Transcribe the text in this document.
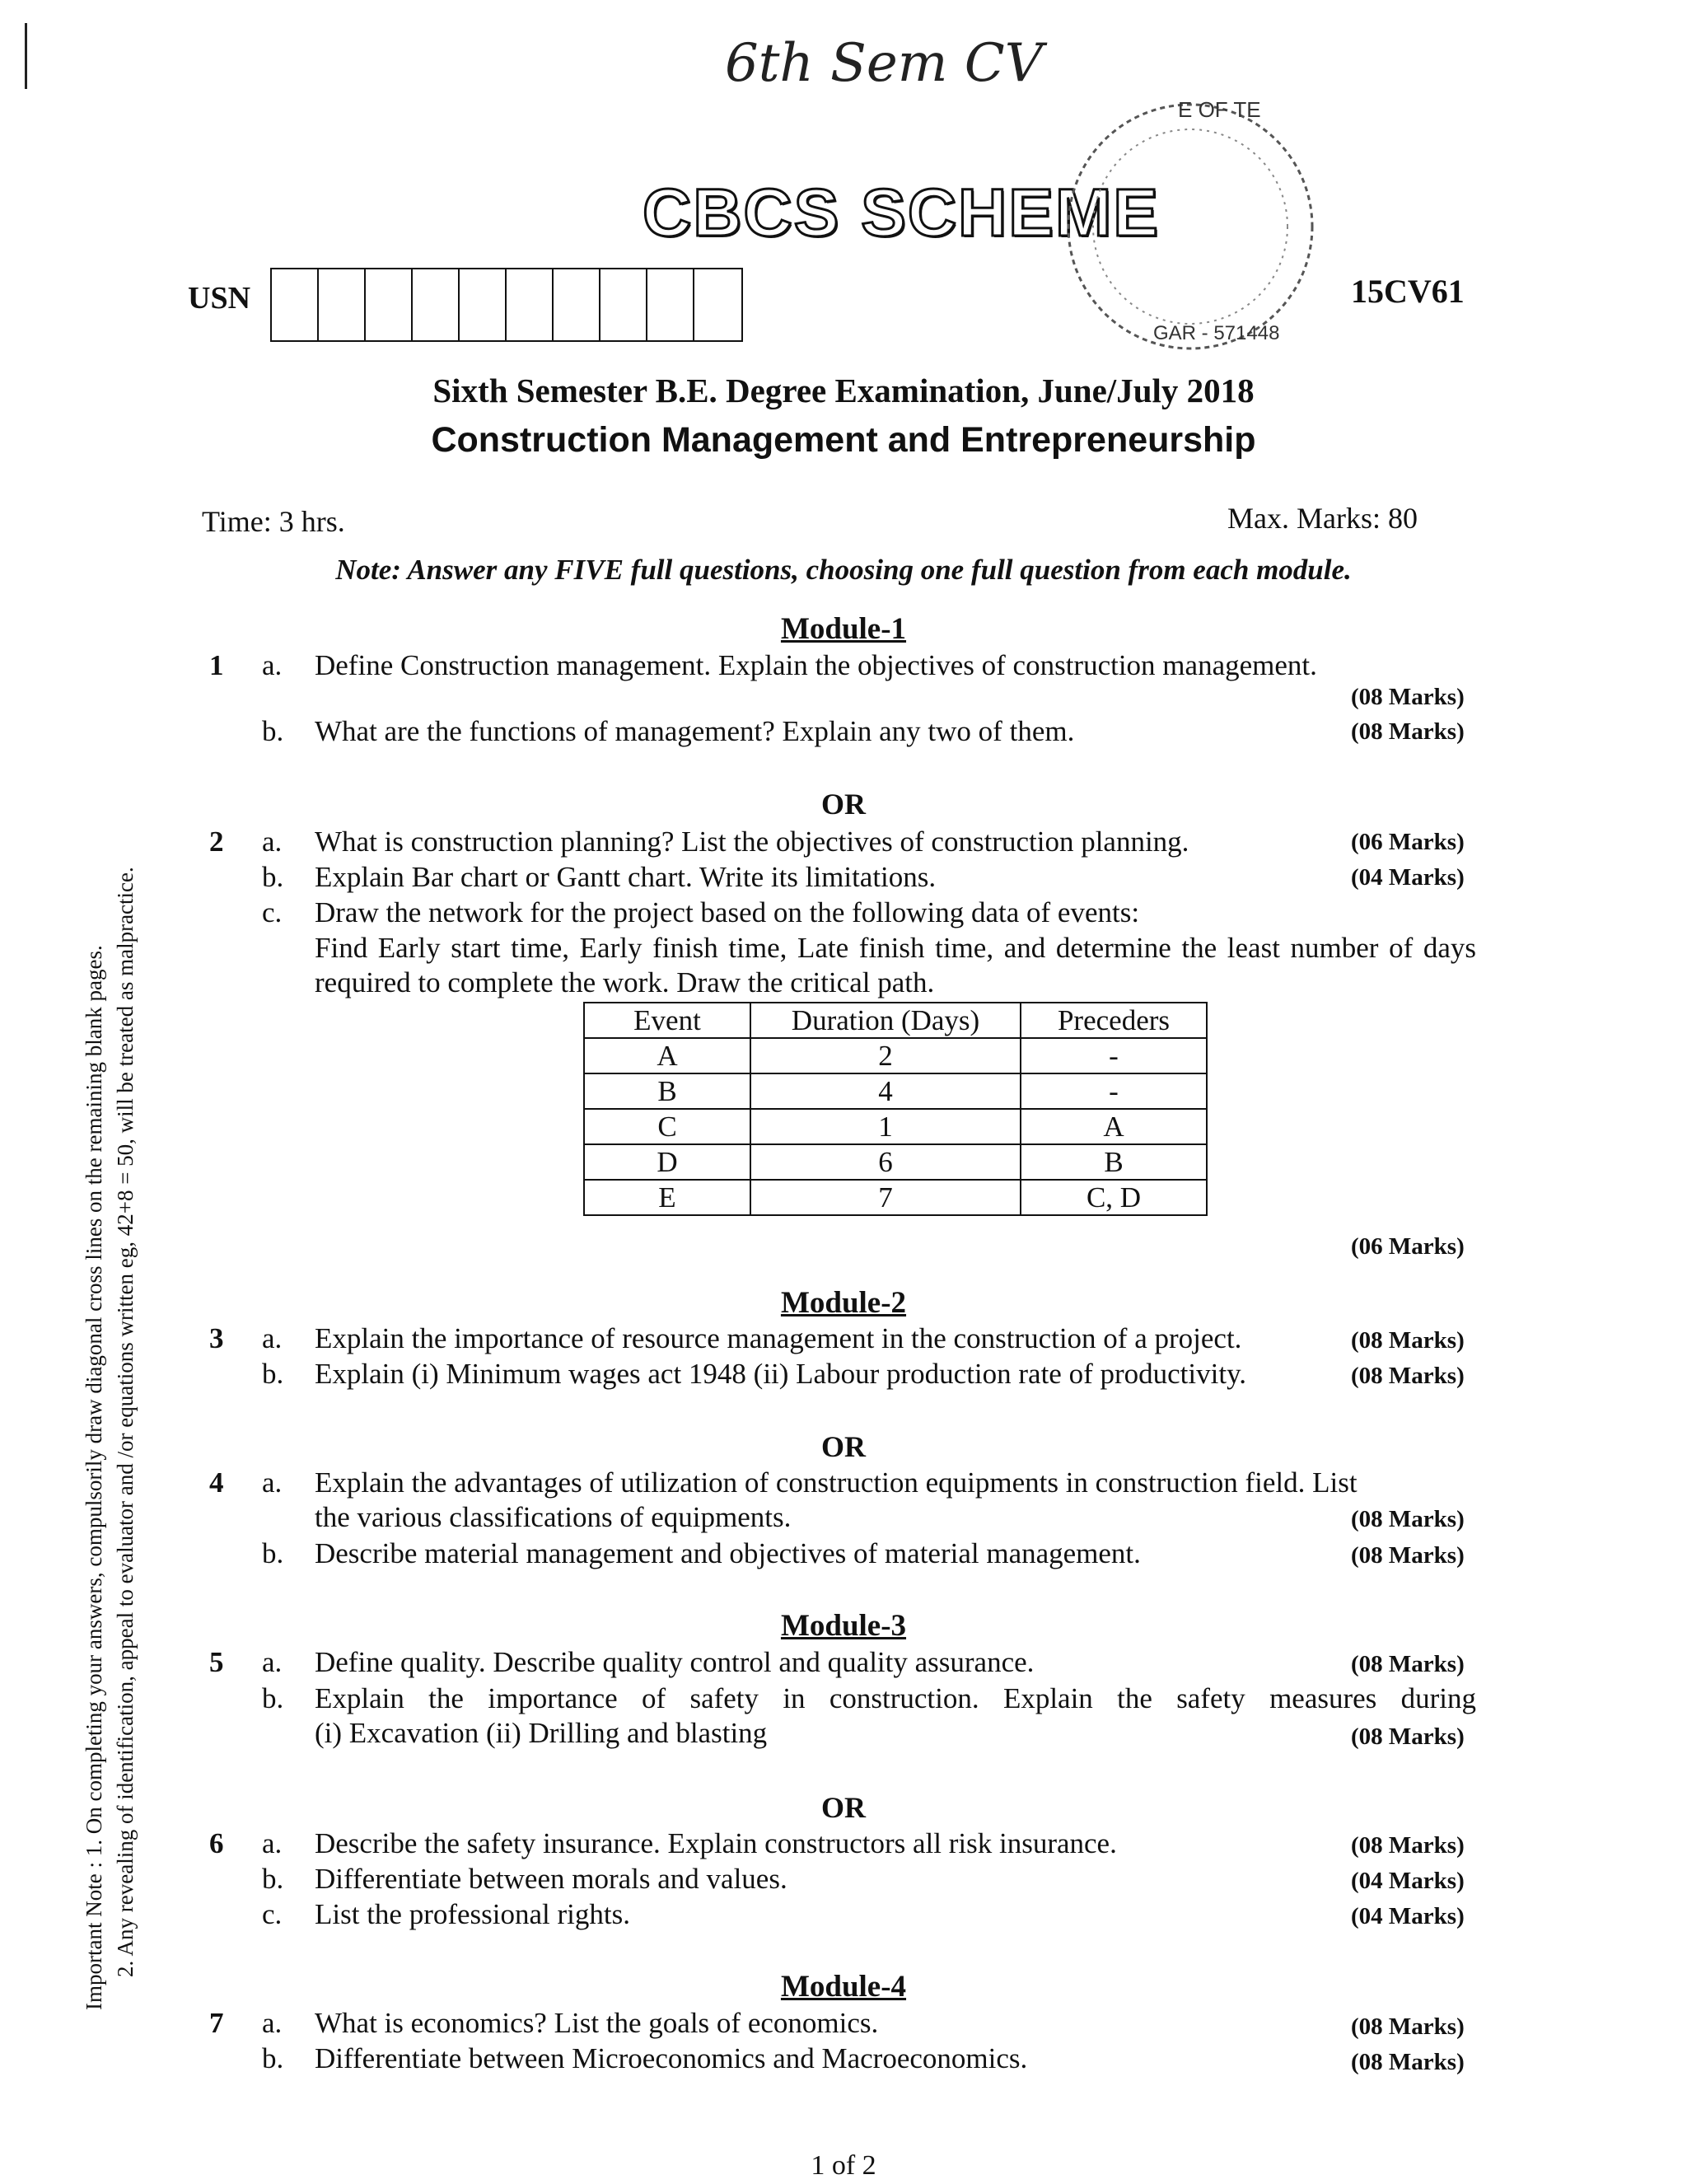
6th Sem CV
CBCS SCHEME
E OF TE
GAR - 571448
USN	15CV61
Sixth Semester B.E. Degree Examination, June/July 2018
Construction Management and Entrepreneurship
Time: 3 hrs.	Max. Marks: 80
Note: Answer any FIVE full questions, choosing one full question from each module.
Important Note : 1. On completing your answers, compulsorily draw diagonal cross lines on the remaining blank pages. 2. Any revealing of identification, appeal to evaluator and /or equations written eg, 42+8 = 50, will be treated as malpractice.
Module-1
1 a. Define Construction management. Explain the objectives of construction management.
(08 Marks)
b. What are the functions of management? Explain any two of them.	(08 Marks)
OR
2 a. What is construction planning? List the objectives of construction planning.	(06 Marks)
b. Explain Bar chart or Gantt chart. Write its limitations.	(04 Marks)
c. Draw the network for the project based on the following data of events:
Find Early start time, Early finish time, Late finish time, and determine the least number of days required to complete the work. Draw the critical path.
Event	Duration (Days)	Preceders
A	2	-
B	4	-
C	1	A
D	6	B
E	7	C, D
(06 Marks)
Module-2
3 a. Explain the importance of resource management in the construction of a project.	(08 Marks)
b. Explain (i) Minimum wages act 1948 (ii) Labour production rate of productivity.	(08 Marks)
OR
4 a. Explain the advantages of utilization of construction equipments in construction field. List
the various classifications of equipments.	(08 Marks)
b. Describe material management and objectives of material management.	(08 Marks)
Module-3
5 a. Define quality. Describe quality control and quality assurance.	(08 Marks)
b. Explain the importance of safety in construction. Explain the safety measures during
(i) Excavation (ii) Drilling and blasting	(08 Marks)
OR
6 a. Describe the safety insurance. Explain constructors all risk insurance.	(08 Marks)
b. Differentiate between morals and values.	(04 Marks)
c. List the professional rights.	(04 Marks)
Module-4
7 a. What is economics? List the goals of economics.	(08 Marks)
b. Differentiate between Microeconomics and Macroeconomics.	(08 Marks)
1 of 2
